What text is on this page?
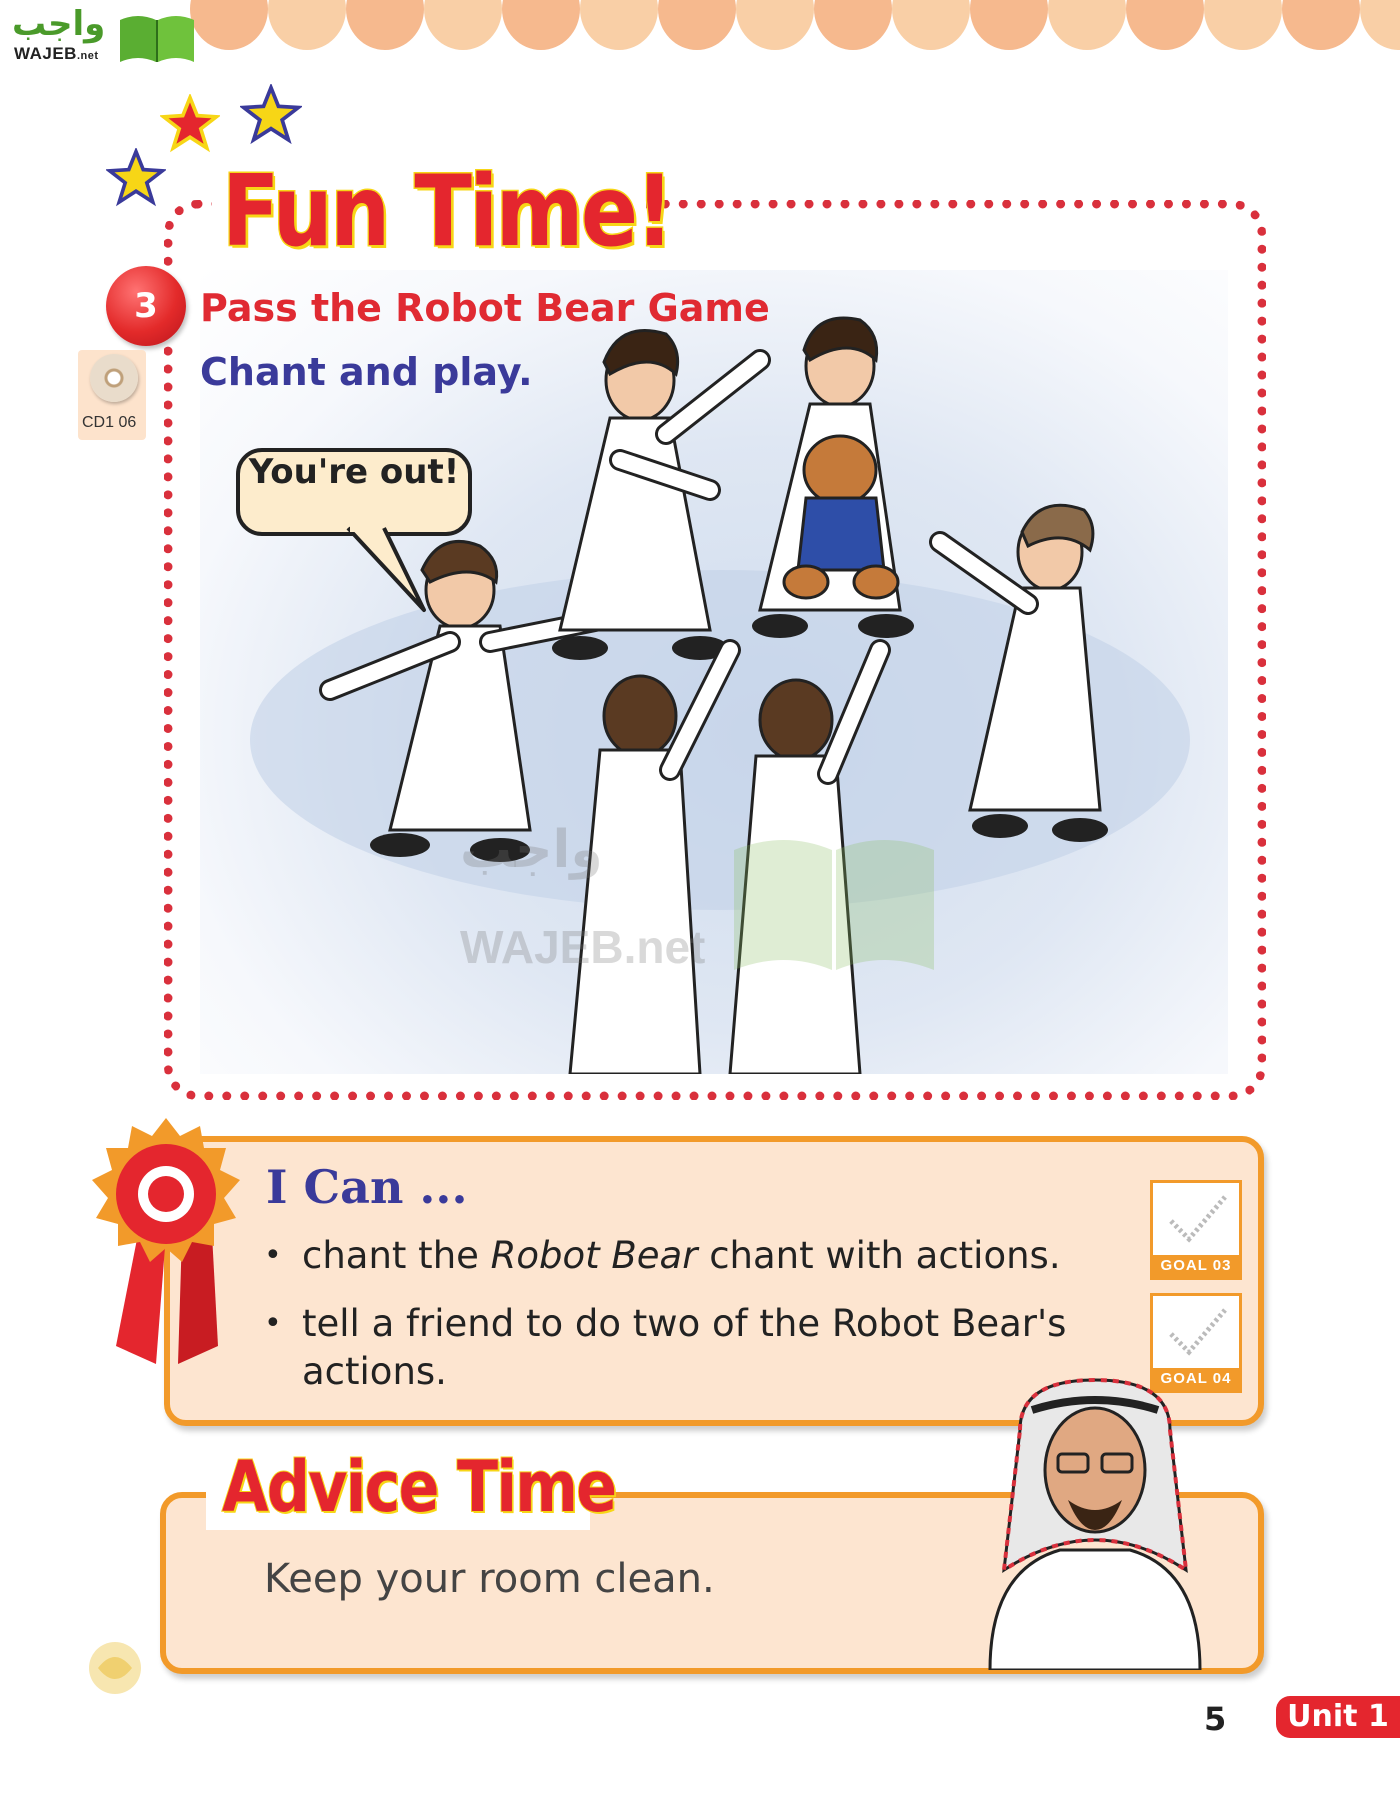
واجب
WAJEB.net
Fun Time!
3
CD1 06
Pass the Robot Bear Game
Chant and play.
You're out!
واجب
WAJEB.net
I Can ...
• chant the Robot Bear chant with actions.
• tell a friend to do two of the Robot Bear's
actions.
GOAL 03
GOAL 04
Advice Time
Keep your room clean.
5	Unit 1
